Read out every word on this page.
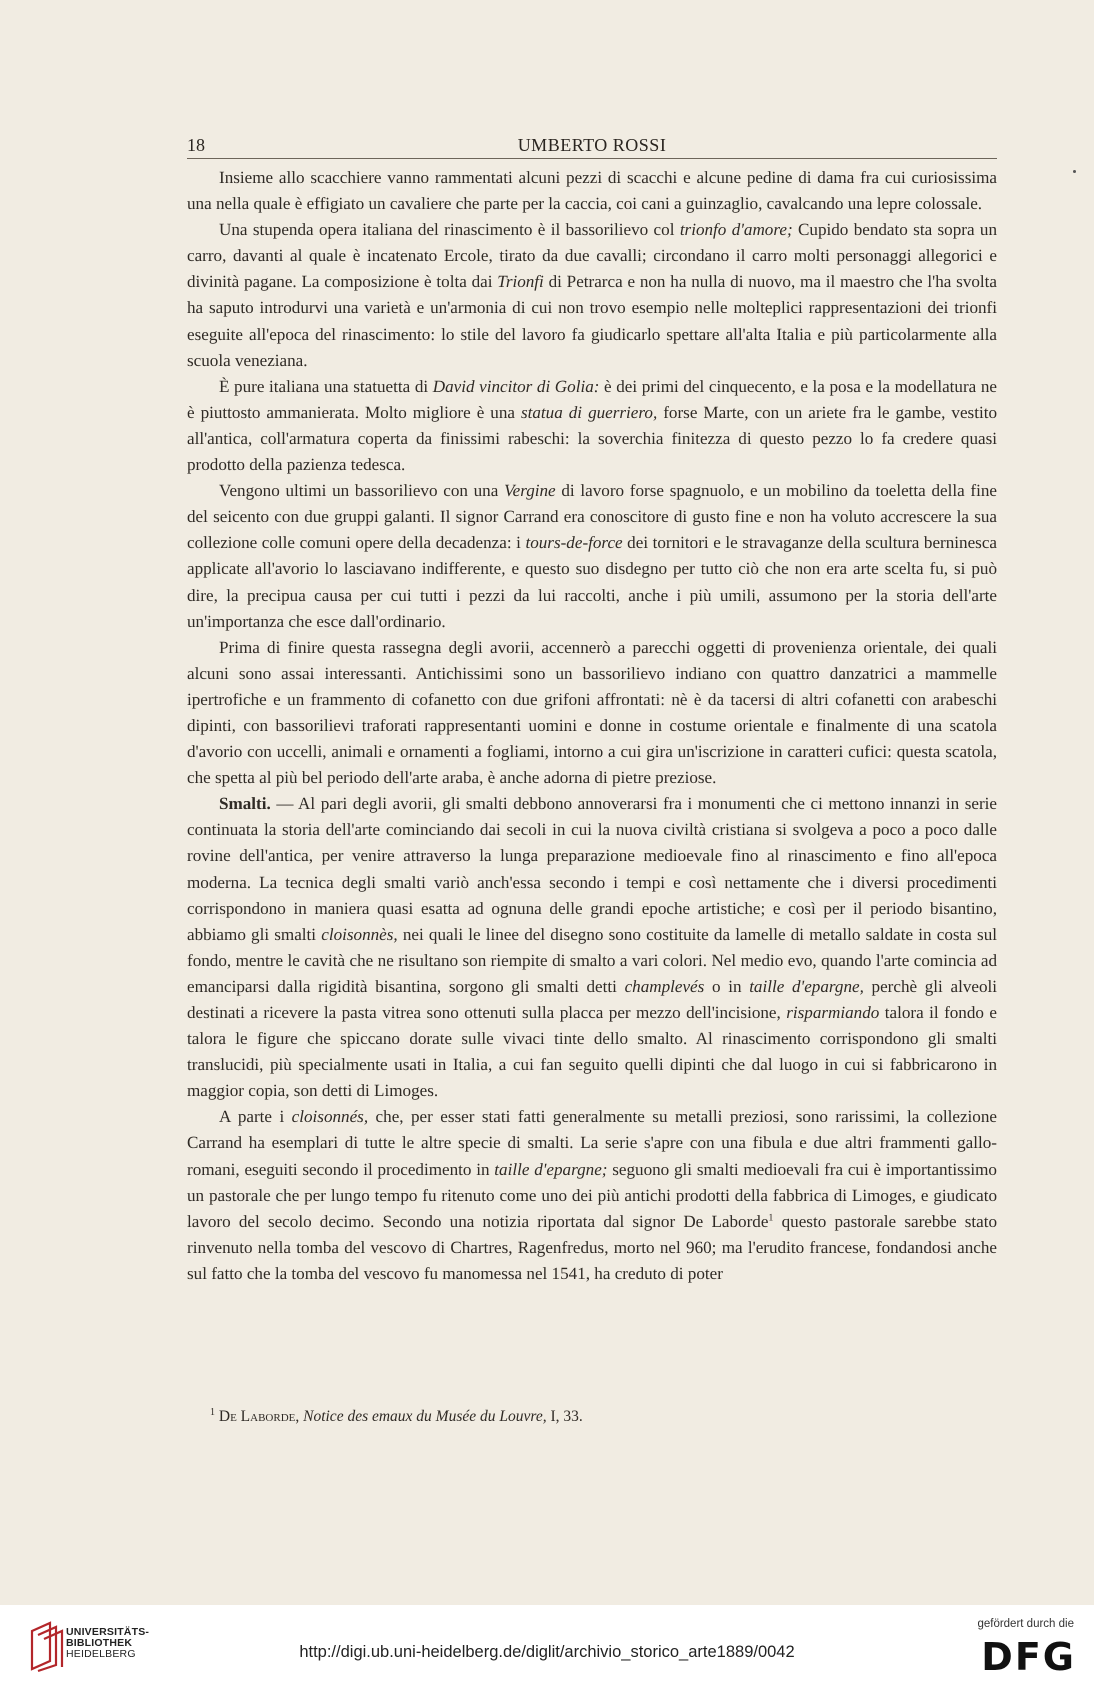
18	UMBERTO ROSSI

Insieme allo scacchiere vanno rammentati alcuni pezzi di scacchi e alcune pedine di dama fra cui curiosissima una nella quale è effigiato un cavaliere che parte per la caccia, coi cani a guinzaglio, cavalcando una lepre colossale.

Una stupenda opera italiana del rinascimento è il bassorilievo col trionfo d'amore; Cupido bendato sta sopra un carro, davanti al quale è incatenato Ercole, tirato da due cavalli; circondano il carro molti personaggi allegorici e divinità pagane. La composizione è tolta dai Trionfi di Petrarca e non ha nulla di nuovo, ma il maestro che l'ha svolta ha saputo introdurvi una varietà e un'armonia di cui non trovo esempio nelle molteplici rappresentazioni dei trionfi eseguite all'epoca del rinascimento: lo stile del lavoro fa giudicarlo spettare all'alta Italia e più particolarmente alla scuola veneziana.

È pure italiana una statuetta di David vincitor di Golia: è dei primi del cinquecento, e la posa e la modellatura ne è piuttosto ammanierata. Molto migliore è una statua di guerriero, forse Marte, con un ariete fra le gambe, vestito all'antica, coll'armatura coperta da finissimi rabeschi: la soverchia finitezza di questo pezzo lo fa credere quasi prodotto della pazienza tedesca.

Vengono ultimi un bassorilievo con una Vergine di lavoro forse spagnuolo, e un mobilino da toeletta della fine del seicento con due gruppi galanti. Il signor Carrand era conoscitore di gusto fine e non ha voluto accrescere la sua collezione colle comuni opere della decadenza: i tours-de-force dei tornitori e le stravaganze della scultura berninesca applicate all'avorio lo lasciavano indifferente, e questo suo disdegno per tutto ciò che non era arte scelta fu, si può dire, la precipua causa per cui tutti i pezzi da lui raccolti, anche i più umili, assumono per la storia dell'arte un'importanza che esce dall'ordinario.

Prima di finire questa rassegna degli avorii, accennerò a parecchi oggetti di provenienza orientale, dei quali alcuni sono assai interessanti. Antichissimi sono un bassorilievo indiano con quattro danzatrici a mammelle ipertrofiche e un frammento di cofanetto con due grifoni affrontati: nè è da tacersi di altri cofanetti con arabeschi dipinti, con bassorilievi traforati rappresentanti uomini e donne in costume orientale e finalmente di una scatola d'avorio con uccelli, animali e ornamenti a fogliami, intorno a cui gira un'iscrizione in caratteri cufici: questa scatola, che spetta al più bel periodo dell'arte araba, è anche adorna di pietre preziose.

Smalti. — Al pari degli avorii, gli smalti debbono annoverarsi fra i monumenti che ci mettono innanzi in serie continuata la storia dell'arte cominciando dai secoli in cui la nuova civiltà cristiana si svolgeva a poco a poco dalle rovine dell'antica, per venire attraverso la lunga preparazione medioevale fino al rinascimento e fino all'epoca moderna. La tecnica degli smalti variò anch'essa secondo i tempi e così nettamente che i diversi procedimenti corrispondono in maniera quasi esatta ad ognuna delle grandi epoche artistiche; e così per il periodo bisantino, abbiamo gli smalti cloisonnès, nei quali le linee del disegno sono costituite da lamelle di metallo saldate in costa sul fondo, mentre le cavità che ne risultano son riempite di smalto a vari colori. Nel medio evo, quando l'arte comincia ad emanciparsi dalla rigidità bisantina, sorgono gli smalti detti champlevés o in taille d'epargne, perchè gli alveoli destinati a ricevere la pasta vitrea sono ottenuti sulla placca per mezzo dell'incisione, risparmiando talora il fondo e talora le figure che spiccano dorate sulle vivaci tinte dello smalto. Al rinascimento corrispondono gli smalti translucidi, più specialmente usati in Italia, a cui fan seguito quelli dipinti che dal luogo in cui si fabbricarono in maggior copia, son detti di Limoges.

A parte i cloisonnés, che, per esser stati fatti generalmente su metalli preziosi, sono rarissimi, la collezione Carrand ha esemplari di tutte le altre specie di smalti. La serie s'apre con una fibula e due altri frammenti gallo-romani, eseguiti secondo il procedimento in taille d'epargne; seguono gli smalti medioevali fra cui è importantissimo un pastorale che per lungo tempo fu ritenuto come uno dei più antichi prodotti della fabbrica di Limoges, e giudicato lavoro del secolo decimo. Secondo una notizia riportata dal signor De Laborde$^1$ questo pastorale sarebbe stato rinvenuto nella tomba del vescovo di Chartres, Ragenfredus, morto nel 960; ma l'erudito francese, fondandosi anche sul fatto che la tomba del vescovo fu manomessa nel 1541, ha creduto di poter

$^1$ De Laborde, Notice des emaux du Musée du Louvre, I, 33.
UNIVERSITÄTS-
BIBLIOTHEK
HEIDELBERG	http://digi.ub.uni-heidelberg.de/diglit/archivio_storico_arte1889/0042
gefördert durch die
DFG
